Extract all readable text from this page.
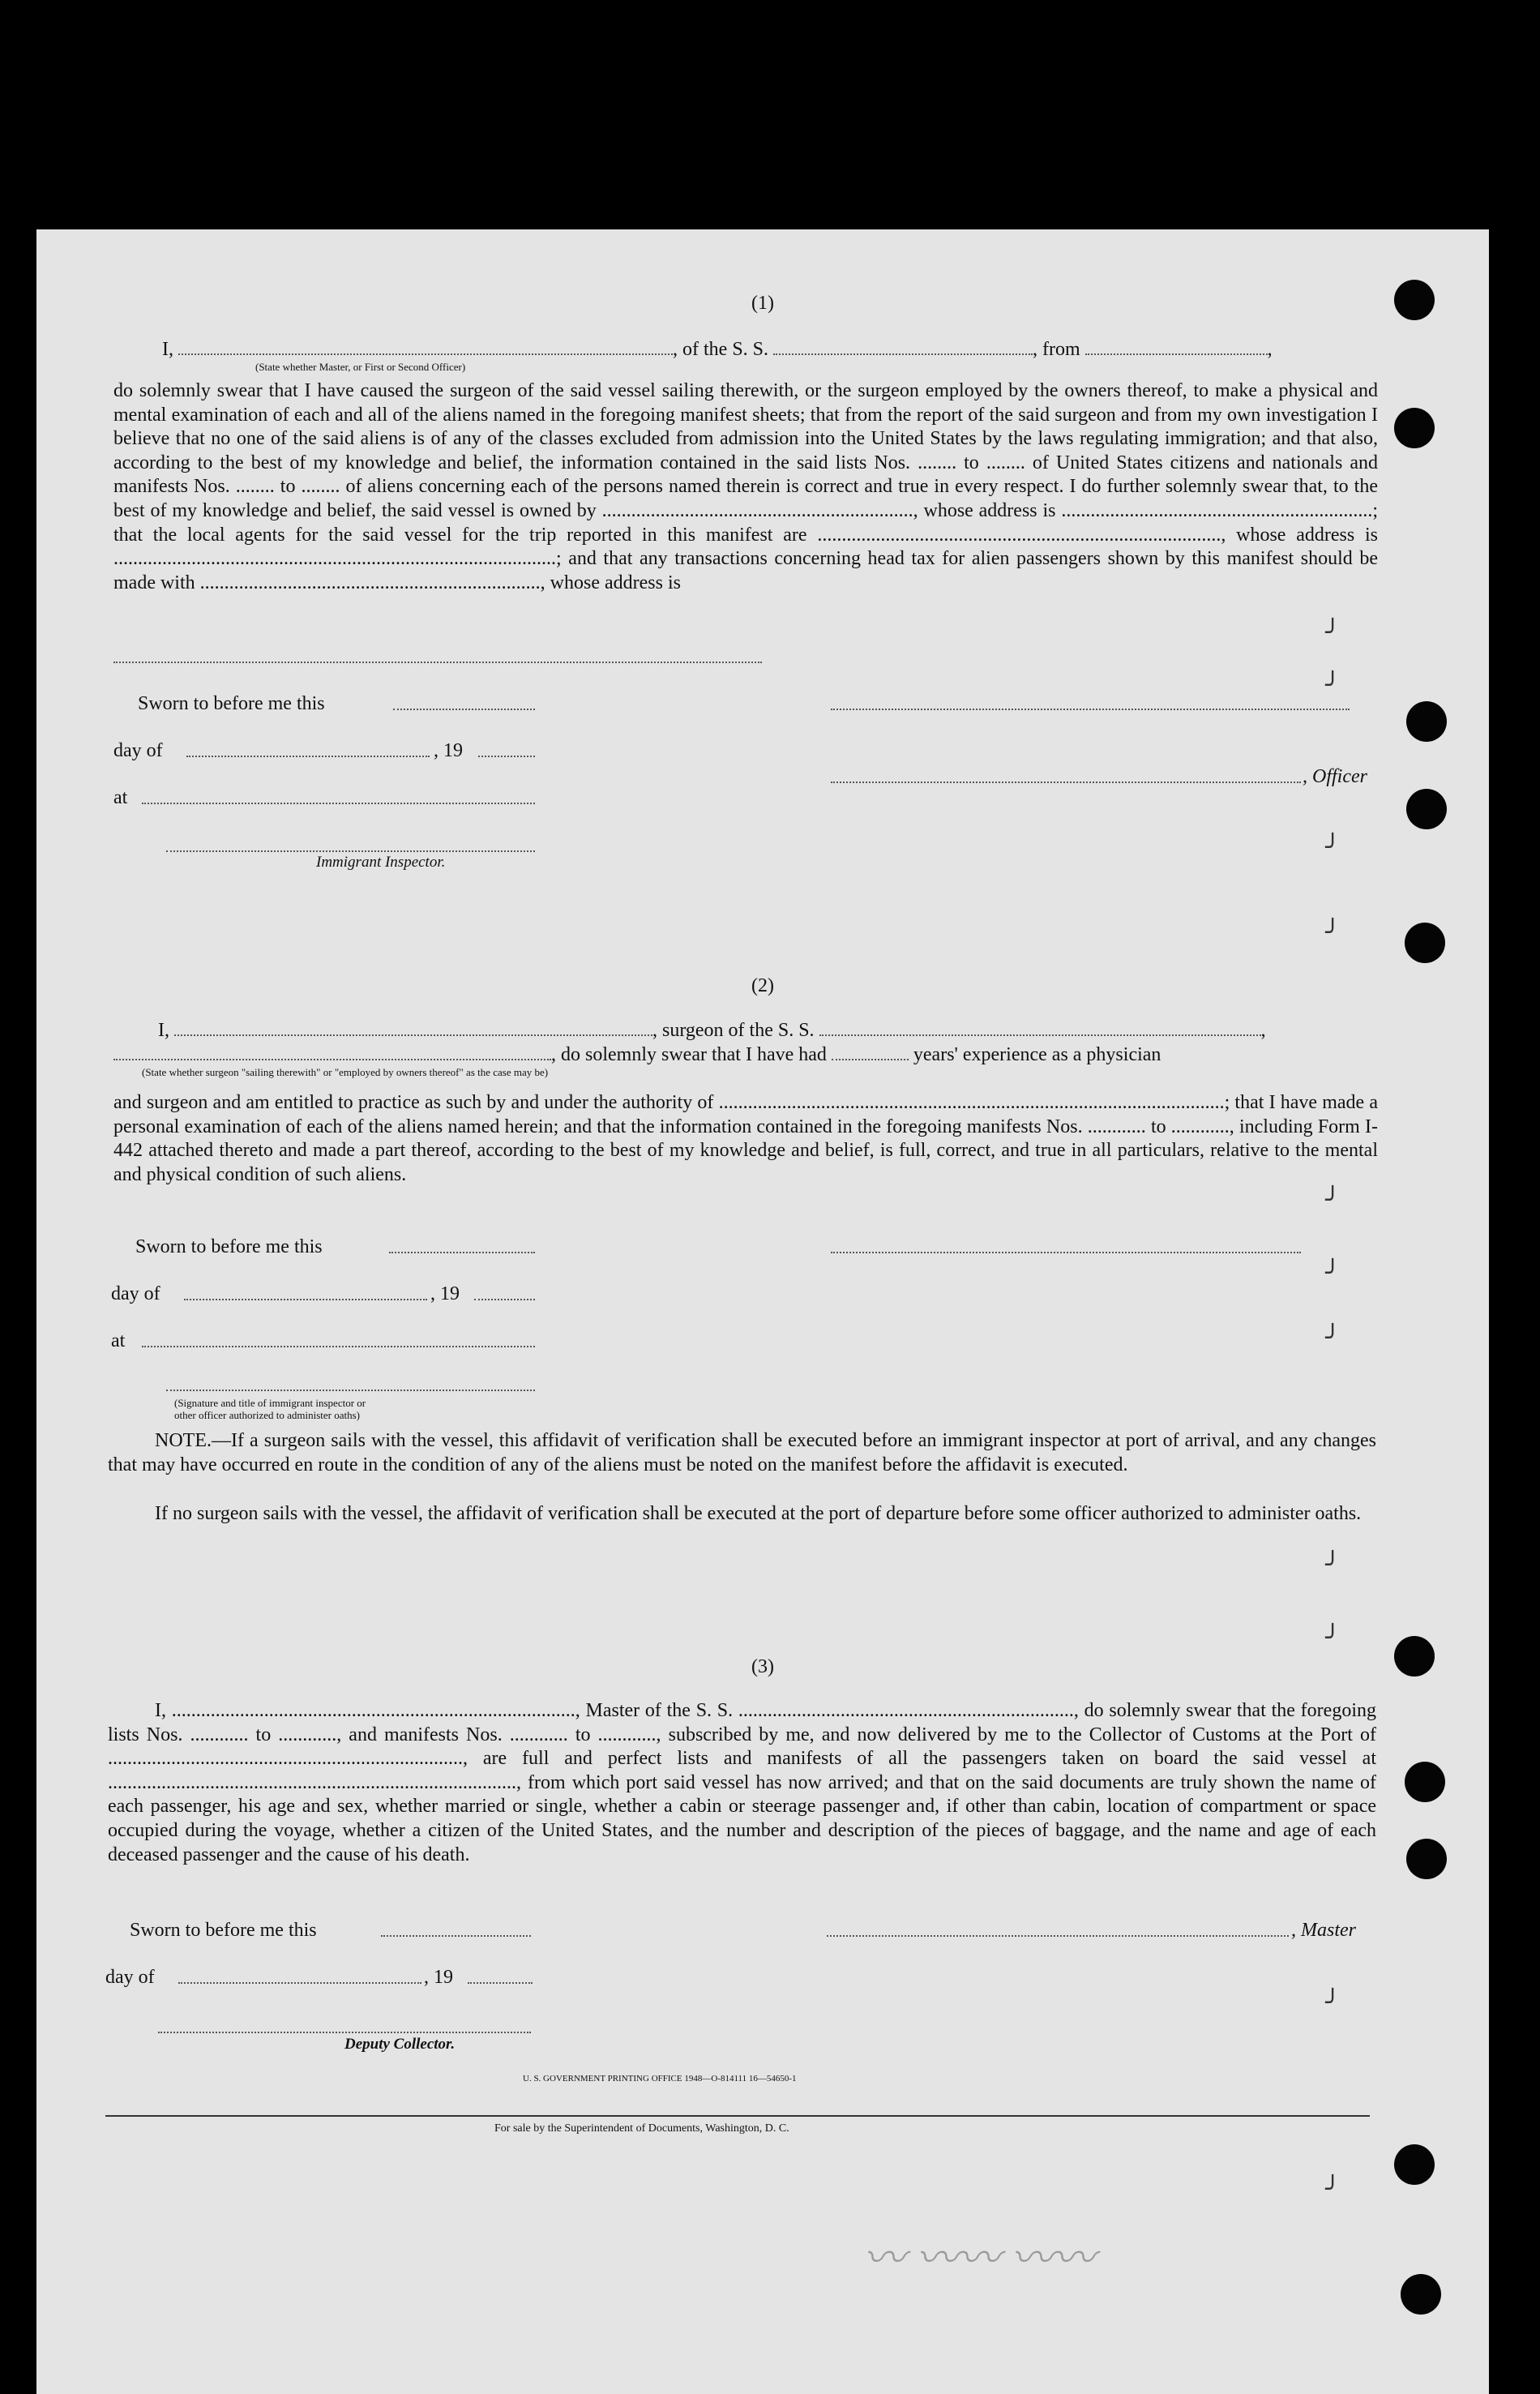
(1)
I,	, of the S. S.	, from	,
(State whether Master, or First or Second Officer)
do solemnly swear that I have caused the surgeon of the said vessel sailing therewith, or the surgeon employed by the owners thereof, to make a physical and mental examination of each and all of the aliens named in the foregoing manifest sheets; that from the report of the said surgeon and from my own investigation I believe that no one of the said aliens is of any of the classes excluded from admission into the United States by the laws regulating immigration; and that also, according to the best of my knowledge and belief, the information contained in the said lists Nos. ........ to ........ of United States citizens and nationals and manifests Nos. ........ to ........ of aliens concerning each of the persons named therein is correct and true in every respect. I do further solemnly swear that, to the best of my knowledge and belief, the said vessel is owned by ................................................................, whose address is ................................................................; that the local agents for the said vessel for the trip reported in this manifest are ..................................................................................., whose address is ...........................................................................................; and that any transactions concerning head tax for alien passengers shown by this manifest should be made with ......................................................................, whose address is
Sworn to before me this
day of	, 19
, Officer
at
Immigrant Inspector.
(2)
I,	, surgeon of the S. S.	,
, do solemnly swear that I have had	years' experience as a physician
(State whether surgeon "sailing therewith" or "employed by owners thereof" as the case may be)
and surgeon and am entitled to practice as such by and under the authority of ........................................................................................................; that I have made a personal examination of each of the aliens named herein; and that the information contained in the foregoing manifests Nos. ............ to ............, including Form I-442 attached thereto and made a part thereof, according to the best of my knowledge and belief, is full, correct, and true in all particulars, relative to the mental and physical condition of such aliens.
Sworn to before me this
day of	, 19
at
(Signature and title of immigrant inspector or
other officer authorized to administer oaths)
NOTE.—If a surgeon sails with the vessel, this affidavit of verification shall be executed before an immigrant inspector at port of arrival, and any changes that may have occurred en route in the condition of any of the aliens must be noted on the manifest before the affidavit is executed.
If no surgeon sails with the vessel, the affidavit of verification shall be executed at the port of departure before some officer authorized to administer oaths.
(3)
I, ..................................................................................., Master of the S. S. ....................................................................., do solemnly swear that the foregoing lists Nos. ............ to ............, and manifests Nos. ............ to ............, subscribed by me, and now delivered by me to the Collector of Customs at the Port of ........................................................................., are full and perfect lists and manifests of all the passengers taken on board the said vessel at ...................................................................................., from which port said vessel has now arrived; and that on the said documents are truly shown the name of each passenger, his age and sex, whether married or single, whether a cabin or steerage passenger and, if other than cabin, location of compartment or space occupied during the voyage, whether a citizen of the United States, and the number and description of the pieces of baggage, and the name and age of each deceased passenger and the cause of his death.
Sworn to before me this	, Master
day of	, 19
Deputy Collector.
U. S. GOVERNMENT PRINTING OFFICE 1948—O-814111 16—54650-1
For sale by the Superintendent of Documents, Washington, D. C.
╯
╯
╯
╯
╯
╯
╯
╯
╯
╯
╯
〰 〰〰 〰〰
